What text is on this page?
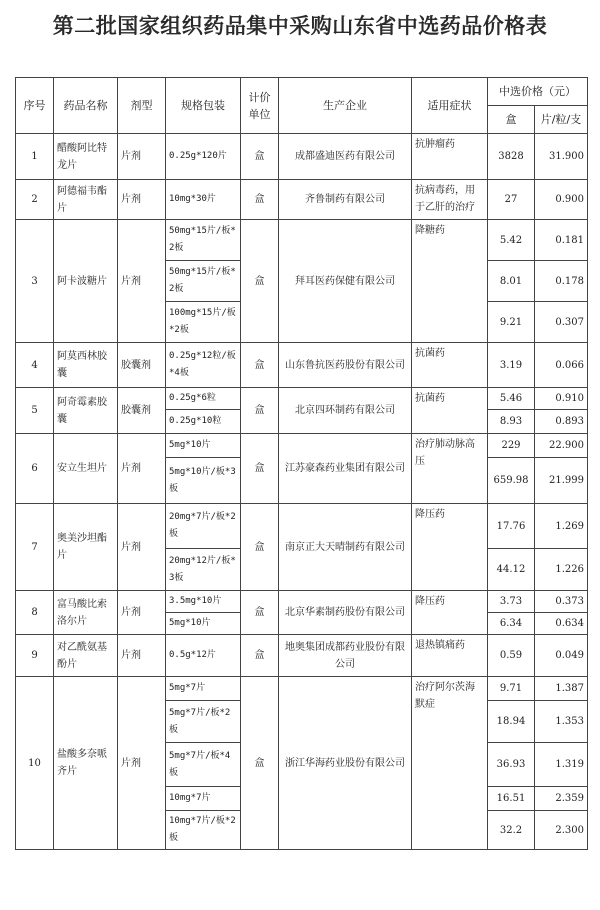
第二批国家组织药品集中采购山东省中选药品价格表
序号	药品名称	剂型	规格包装	计价单位	生产企业	适用症状	中选价格（元）	
							盒	片/粒/支
1	醋酸阿比特龙片	片剂	0.25g*120片	盒	成都盛迪医药有限公司	抗肿瘤药	3828	31.900
2	阿德福韦酯片	片剂	10mg*30片	盒	齐鲁制药有限公司	抗病毒药，用于乙肝的治疗	27	0.900
3	阿卡波糖片	片剂	50mg*15片/板*2板	盒	拜耳医药保健有限公司	降糖药	5.42	0.181
			50mg*15片/板*2板				8.01	0.178
			100mg*15片/板*2板				9.21	0.307
4	阿莫西林胶囊	胶囊剂	0.25g*12粒/板*4板	盒	山东鲁抗医药股份有限公司	抗菌药	3.19	0.066
5	阿奇霉素胶囊	胶囊剂	0.25g*6粒	盒	北京四环制药有限公司	抗菌药	5.46	0.910
			0.25g*10粒				8.93	0.893
6	安立生坦片	片剂	5mg*10片	盒	江苏豪森药业集团有限公司	治疗肺动脉高压	229	22.900
			5mg*10片/板*3板				659.98	21.999
7	奥美沙坦酯片	片剂	20mg*7片/板*2板	盒	南京正大天晴制药有限公司	降压药	17.76	1.269
			20mg*12片/板*3板				44.12	1.226
8	富马酸比索洛尔片	片剂	3.5mg*10片	盒	北京华素制药股份有限公司	降压药	3.73	0.373
			5mg*10片				6.34	0.634
9	对乙酰氨基酚片	片剂	0.5g*12片	盒	地奥集团成都药业股份有限公司	退热镇痛药	0.59	0.049
10	盐酸多奈哌齐片	片剂	5mg*7片	盒	浙江华海药业股份有限公司	治疗阿尔茨海默症	9.71	1.387
			5mg*7片/板*2板				18.94	1.353
			5mg*7片/板*4板				36.93	1.319
			10mg*7片				16.51	2.359
			10mg*7片/板*2板				32.2	2.300
